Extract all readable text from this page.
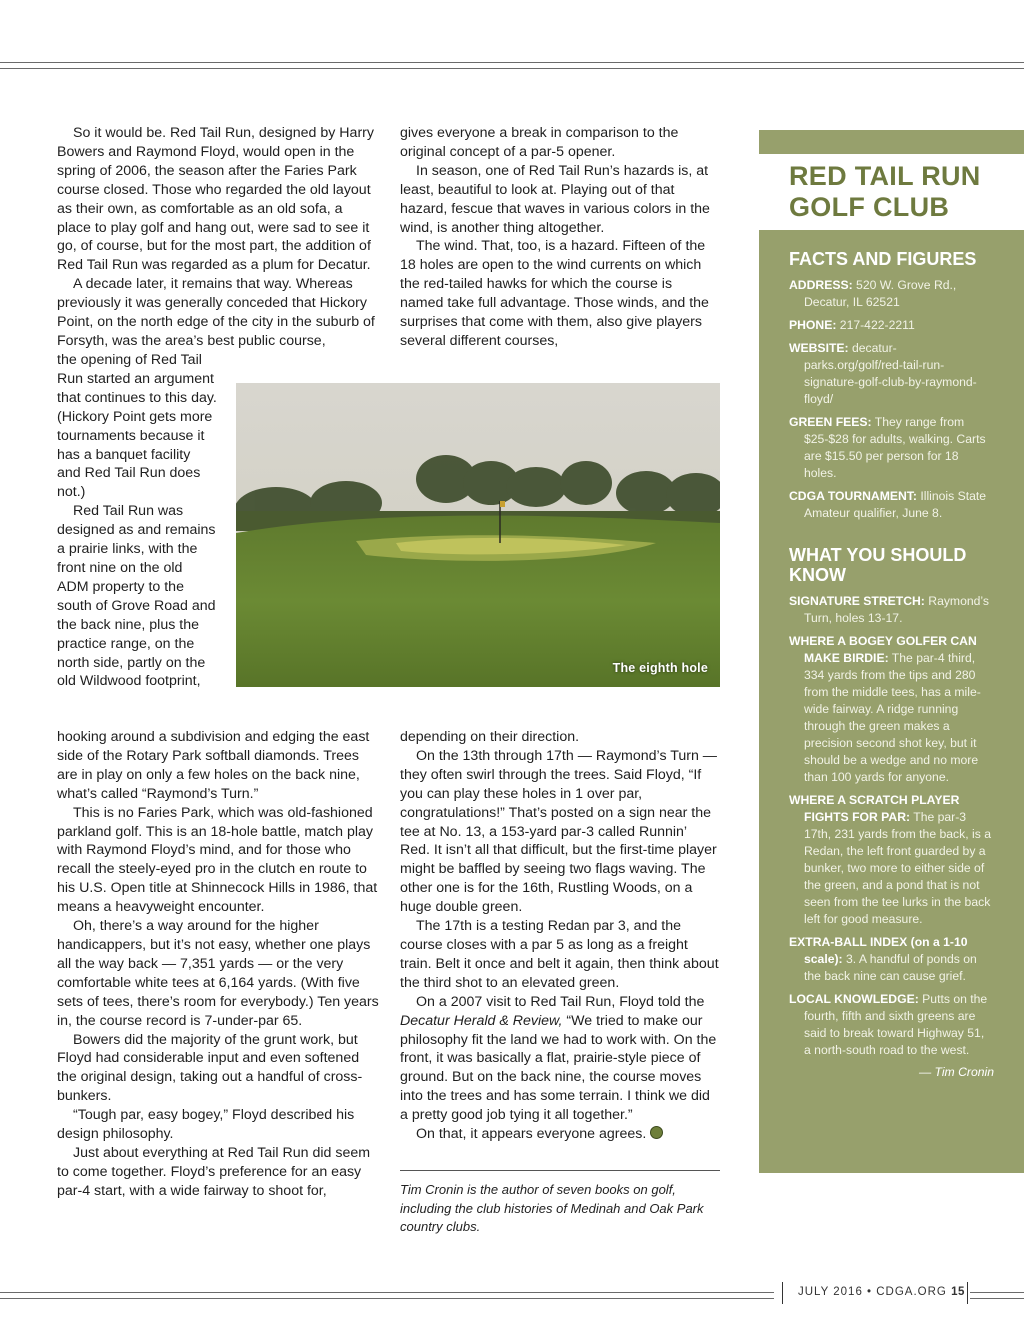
So it would be. Red Tail Run, designed by Harry Bowers and Raymond Floyd, would open in the spring of 2006, the season after the Faries Park course closed. Those who regarded the old layout as their own, as comfortable as an old sofa, a place to play golf and hang out, were sad to see it go, of course, but for the most part, the addition of Red Tail Run was regarded as a plum for Decatur.

A decade later, it remains that way. Whereas previously it was generally conceded that Hickory Point, on the north edge of the city in the suburb of Forsyth, was the area’s best public course,

the opening of Red Tail Run started an argument that continues to this day. (Hickory Point gets more tournaments because it has a banquet facility and Red Tail Run does not.)

Red Tail Run was designed as and remains a prairie links, with the front nine on the old ADM property to the south of Grove Road and the back nine, plus the practice range, on the north side, partly on the old Wildwood footprint,

hooking around a subdivision and edging the east side of the Rotary Park softball diamonds. Trees are in play on only a few holes on the back nine, what’s called “Raymond’s Turn.”

This is no Faries Park, which was old-fashioned parkland golf. This is an 18-hole battle, match play with Raymond Floyd’s mind, and for those who recall the steely-eyed pro in the clutch en route to his U.S. Open title at Shinnecock Hills in 1986, that means a heavyweight encounter.

Oh, there’s a way around for the higher handicappers, but it’s not easy, whether one plays all the way back — 7,351 yards — or the very comfortable white tees at 6,164 yards. (With five sets of tees, there’s room for everybody.) Ten years in, the course record is 7-under-par 65.

Bowers did the majority of the grunt work, but Floyd had considerable input and even softened the original design, taking out a handful of cross-bunkers.

“Tough par, easy bogey,” Floyd described his design philosophy.

Just about everything at Red Tail Run did seem to come together. Floyd’s preference for an easy par-4 start, with a wide fairway to shoot for,

gives everyone a break in comparison to the original concept of a par-5 opener.

In season, one of Red Tail Run’s hazards is, at least, beautiful to look at. Playing out of that hazard, fescue that waves in various colors in the wind, is another thing altogether.

The wind. That, too, is a hazard. Fifteen of the 18 holes are open to the wind currents on which the red-tailed hawks for which the course is named take full advantage. Those winds, and the surprises that come with them, also give players several different courses,

The eighth hole

depending on their direction.

On the 13th through 17th — Raymond’s Turn — they often swirl through the trees. Said Floyd, “If you can play these holes in 1 over par, congratulations!” That’s posted on a sign near the tee at No. 13, a 153-yard par-3 called Runnin’ Red. It isn’t all that difficult, but the first-time player might be baffled by seeing two flags waving. The other one is for the 16th, Rustling Woods, on a huge double green.

The 17th is a testing Redan par 3, and the course closes with a par 5 as long as a freight train. Belt it once and belt it again, then think about the third shot to an elevated green.

On a 2007 visit to Red Tail Run, Floyd told the Decatur Herald & Review, “We tried to make our philosophy fit the land we had to work with. On the front, it was basically a flat, prairie-style piece of ground. But on the back nine, the course moves into the trees and has some terrain. I think we did a pretty good job tying it all together.”

On that, it appears everyone agrees.

Tim Cronin is the author of seven books on golf, including the club histories of Medinah and Oak Park country clubs.
RED TAIL RUN GOLF CLUB
FACTS AND FIGURES
ADDRESS: 520 W. Grove Rd., Decatur, IL 62521
PHONE: 217-422-2211
WEBSITE: decatur-parks.org/golf/red-tail-run-signature-golf-club-by-raymond-floyd/
GREEN FEES: They range from $25-$28 for adults, walking. Carts are $15.50 per person for 18 holes.
CDGA TOURNAMENT: Illinois State Amateur qualifier, June 8.
WHAT YOU SHOULD KNOW
SIGNATURE STRETCH: Raymond’s Turn, holes 13-17.
WHERE A BOGEY GOLFER CAN MAKE BIRDIE: The par-4 third, 334 yards from the tips and 280 from the middle tees, has a mile-wide fairway. A ridge running through the green makes a precision second shot key, but it should be a wedge and no more than 100 yards for anyone.
WHERE A SCRATCH PLAYER FIGHTS FOR PAR: The par-3 17th, 231 yards from the back, is a Redan, the left front guarded by a bunker, two more to either side of the green, and a pond that is not seen from the tee lurks in the back left for good measure.
EXTRA-BALL INDEX (on a 1-10 scale): 3. A handful of ponds on the back nine can cause grief.
LOCAL KNOWLEDGE: Putts on the fourth, fifth and sixth greens are said to break toward Highway 51, a north-south road to the west.
— Tim Cronin
JULY 2016 • CDGA.ORG 15
